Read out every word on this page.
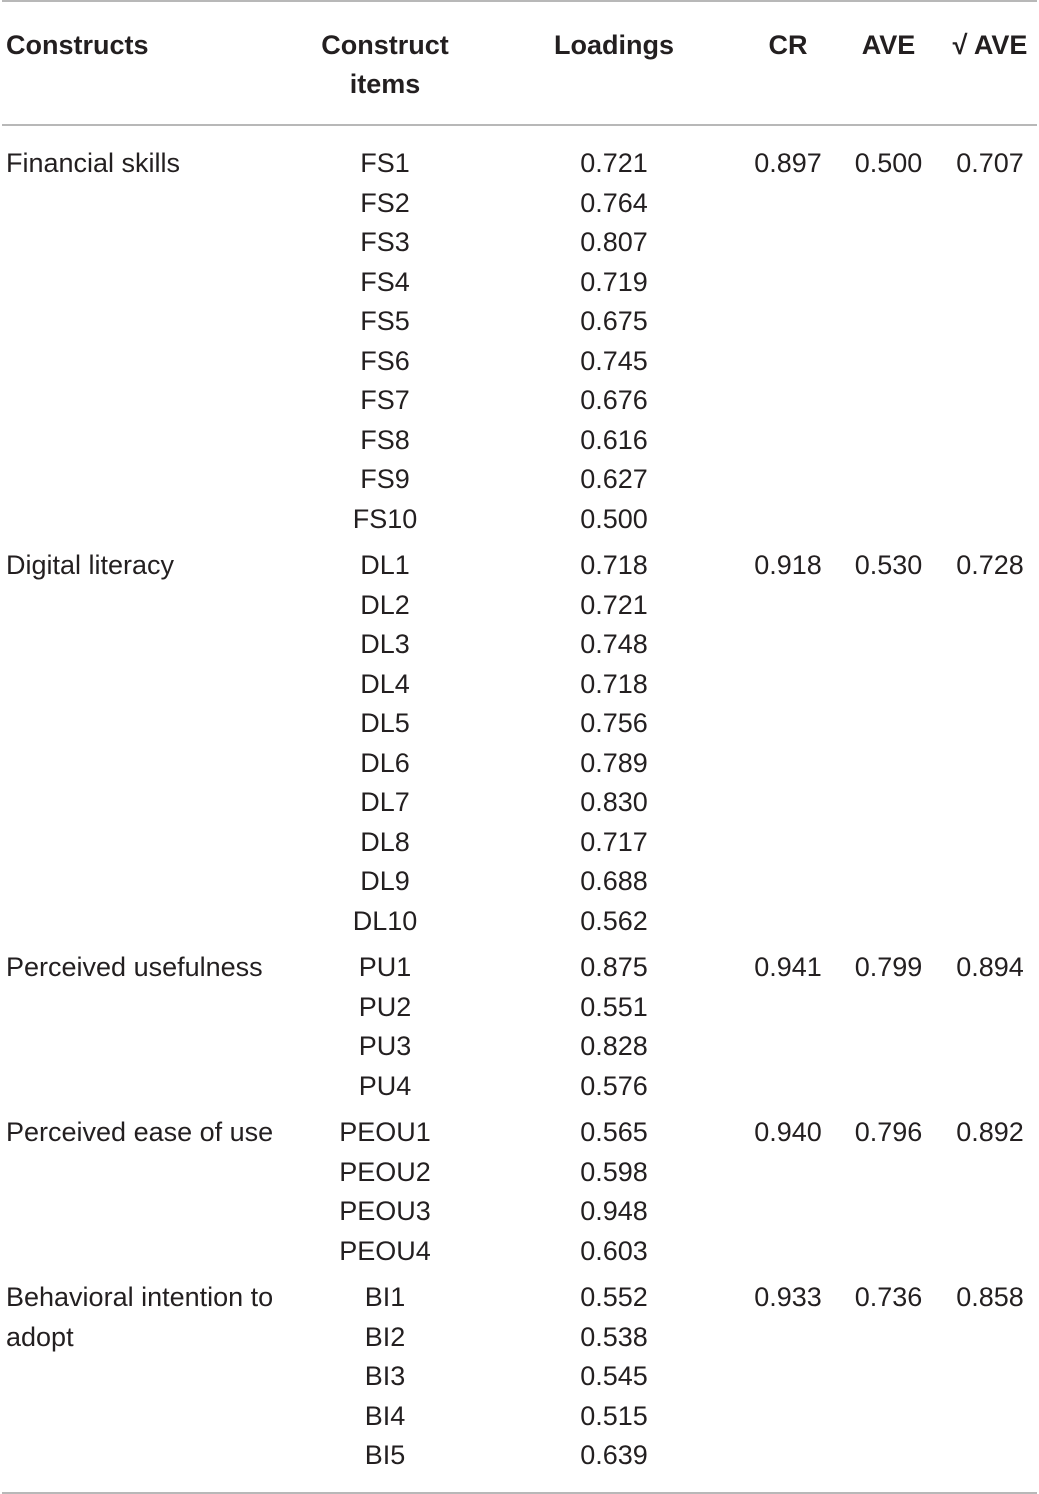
Constructs	Construct items	Loadings	CR	AVE	√ AVE
Financial skills	FS1	0.721	0.897	0.500	0.707
	FS2	0.764			
	FS3	0.807			
	FS4	0.719			
	FS5	0.675			
	FS6	0.745			
	FS7	0.676			
	FS8	0.616			
	FS9	0.627			
	FS10	0.500			
Digital literacy	DL1	0.718	0.918	0.530	0.728
	DL2	0.721			
	DL3	0.748			
	DL4	0.718			
	DL5	0.756			
	DL6	0.789			
	DL7	0.830			
	DL8	0.717			
	DL9	0.688			
	DL10	0.562			
Perceived usefulness	PU1	0.875	0.941	0.799	0.894
	PU2	0.551			
	PU3	0.828			
	PU4	0.576			
Perceived ease of use	PEOU1	0.565	0.940	0.796	0.892
	PEOU2	0.598			
	PEOU3	0.948			
	PEOU4	0.603			
Behavioral intention to adopt	BI1	0.552	0.933	0.736	0.858
	BI2	0.538			
	BI3	0.545			
	BI4	0.515			
	BI5	0.639			
